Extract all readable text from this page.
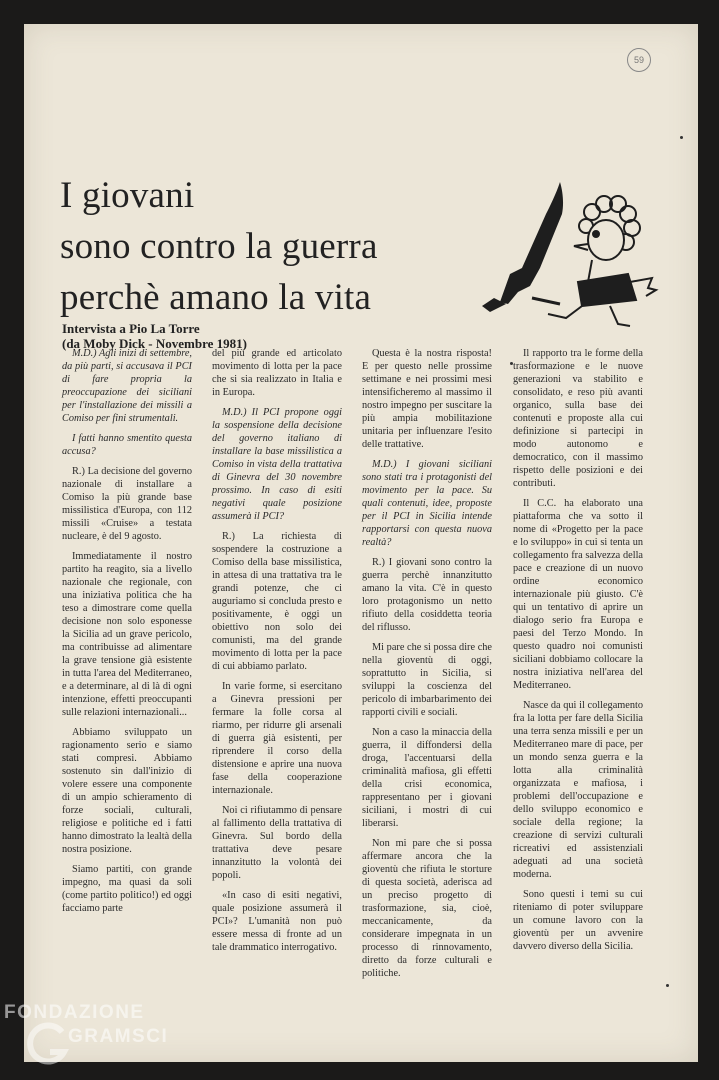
59
I giovani
sono contro la guerra
perchè amano la vita
Intervista a Pio La Torre
(da Moby Dick - Novembre 1981)

M.D.) Agli inizi di settembre, da più parti, si accusava il PCI di fare propria la preoccupazione dei siciliani per l'installazione dei missili a Comiso per fini strumentali.

I fatti hanno smentito questa accusa?

R.) La decisione del governo nazionale di installare a Comiso la più grande base missilistica d'Europa, con 112 missili «Cruise» a testata nucleare, è del 9 agosto.

Immediatamente il nostro partito ha reagito, sia a livello nazionale che regionale, con una iniziativa politica che ha teso a dimostrare come quella decisione non solo esponesse la Sicilia ad un grave pericolo, ma contribuisse ad alimentare la grave tensione già esistente in tutta l'area del Mediterraneo, e a determinare, al di là di ogni intenzione, effetti preoccupanti sulle relazioni internazionali...

Abbiamo sviluppato un ragionamento serio e siamo stati compresi. Abbiamo sostenuto sin dall'inizio di volere essere una componente di un ampio schieramento di forze sociali, culturali, religiose e politiche ed i fatti hanno dimostrato la lealtà della nostra posizione.

Siamo partiti, con grande impegno, ma quasi da soli (come partito politico!) ed oggi facciamo parte

del più grande ed articolato movimento di lotta per la pace che si sia realizzato in Italia e in Europa.

M.D.) Il PCI propone oggi la sospensione della decisione del governo italiano di installare la base missilistica a Comiso in vista della trattativa di Ginevra del 30 novembre prossimo. In caso di esiti negativi quale posizione assumerà il PCI?

R.) La richiesta di sospendere la costruzione a Comiso della base missilistica, in attesa di una trattativa tra le grandi potenze, che ci auguriamo si concluda presto e positivamente, è oggi un obiettivo non solo dei comunisti, ma del grande movimento di lotta per la pace di cui abbiamo parlato.

In varie forme, si esercitano a Ginevra pressioni per fermare la folle corsa al riarmo, per ridurre gli arsenali di guerra già esistenti, per riprendere il corso della distensione e aprire una nuova fase della cooperazione internazionale.

Noi ci rifiutammo di pensare al fallimento della trattativa di Ginevra. Sul bordo della trattativa deve pesare innanzitutto la volontà dei popoli.

«In caso di esiti negativi, quale posizione assumerà il PCI»? L'umanità non può essere messa di fronte ad un tale drammatico interrogativo.

Questa è la nostra risposta! E per questo nelle prossime settimane e nei prossimi mesi intensificheremo al massimo il nostro impegno per suscitare la più ampia mobilitazione unitaria per influenzare l'esito delle trattative.

M.D.) I giovani siciliani sono stati tra i protagonisti del movimento per la pace. Su quali contenuti, idee, proposte per il PCI in Sicilia intende rapportarsi con questa nuova realtà?

R.) I giovani sono contro la guerra perchè innanzitutto amano la vita. C'è in questo loro protagonismo un netto rifiuto della cosiddetta teoria del riflusso.

Mi pare che si possa dire che nella gioventù di oggi, soprattutto in Sicilia, si sviluppi la coscienza del pericolo di imbarbarimento dei rapporti civili e sociali.

Non a caso la minaccia della guerra, il diffondersi della droga, l'accentuarsi della criminalità mafiosa, gli effetti della crisi economica, rappresentano per i giovani siciliani, i mostri di cui liberarsi.

Non mi pare che si possa affermare ancora che la gioventù che rifiuta le storture di questa società, aderisca ad un preciso progetto di trasformazione, sia, cioè, meccanicamente, da considerare impegnata in un processo di rinnovamento, diretto da forze culturali e politiche.

Il rapporto tra le forme della trasformazione e le nuove generazioni va stabilito e consolidato, e reso più avanti organico, sulla base dei contenuti e proposte alla cui definizione si partecipi in modo autonomo e democratico, con il massimo rispetto delle posizioni e dei contributi.

Il C.C. ha elaborato una piattaforma che va sotto il nome di «Progetto per la pace e lo sviluppo» in cui si tenta un collegamento fra salvezza della pace e creazione di un nuovo ordine economico internazionale più giusto. C'è qui un tentativo di aprire un dialogo serio fra Europa e paesi del Terzo Mondo. In questo quadro noi comunisti siciliani dobbiamo collocare la nostra iniziativa nell'area del Mediterraneo.

Nasce da qui il collegamento fra la lotta per fare della Sicilia una terra senza missili e per un Mediterraneo mare di pace, per un mondo senza guerra e la lotta alla criminalità organizzata e mafiosa, i problemi dell'occupazione e dello sviluppo economico e sociale della regione; la creazione di servizi culturali ricreativi ed assistenziali adeguati ad una società moderna.

Sono questi i temi su cui riteniamo di poter sviluppare un comune lavoro con la gioventù per un avvenire davvero diverso della Sicilia.

FONDAZIONE
GRAMSCI
